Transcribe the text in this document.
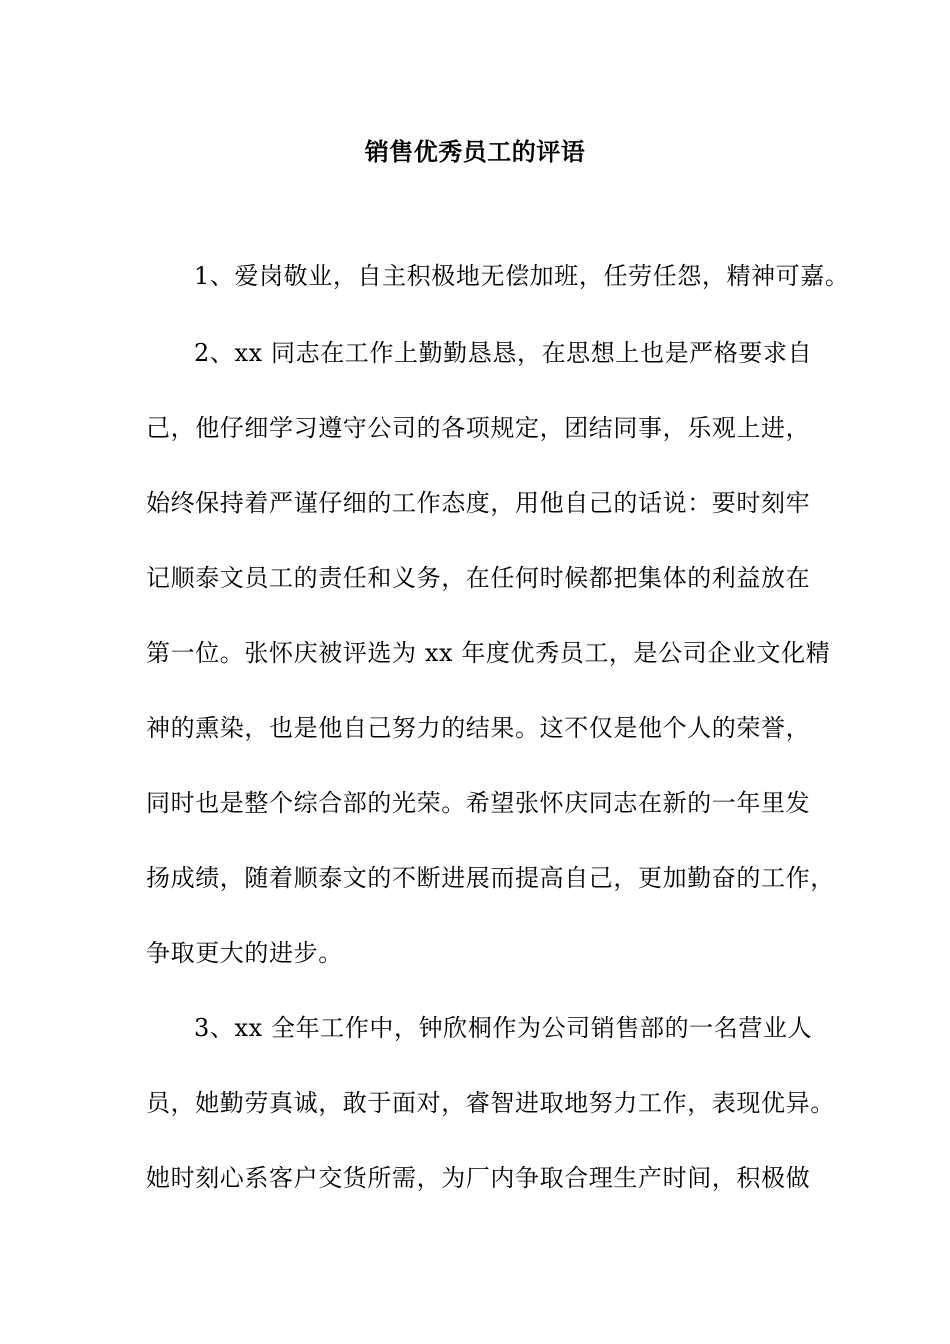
销售优秀员工的评语
1、爱岗敬业，自主积极地无偿加班，任劳任怨，精神可嘉。
2、xx 同志在工作上勤勤恳恳，在思想上也是严格要求自
己，他仔细学习遵守公司的各项规定，团结同事，乐观上进，
始终保持着严谨仔细的工作态度，用他自己的话说：要时刻牢
记顺泰文员工的责任和义务，在任何时候都把集体的利益放在
第一位。张怀庆被评选为 xx 年度优秀员工，是公司企业文化精
神的熏染，也是他自己努力的结果。这不仅是他个人的荣誉，
同时也是整个综合部的光荣。希望张怀庆同志在新的一年里发
扬成绩，随着顺泰文的不断进展而提高自己，更加勤奋的工作，
争取更大的进步。
3、xx 全年工作中，钟欣桐作为公司销售部的一名营业人
员，她勤劳真诚，敢于面对，睿智进取地努力工作，表现优异。
她时刻心系客户交货所需，为厂内争取合理生产时间，积极做
